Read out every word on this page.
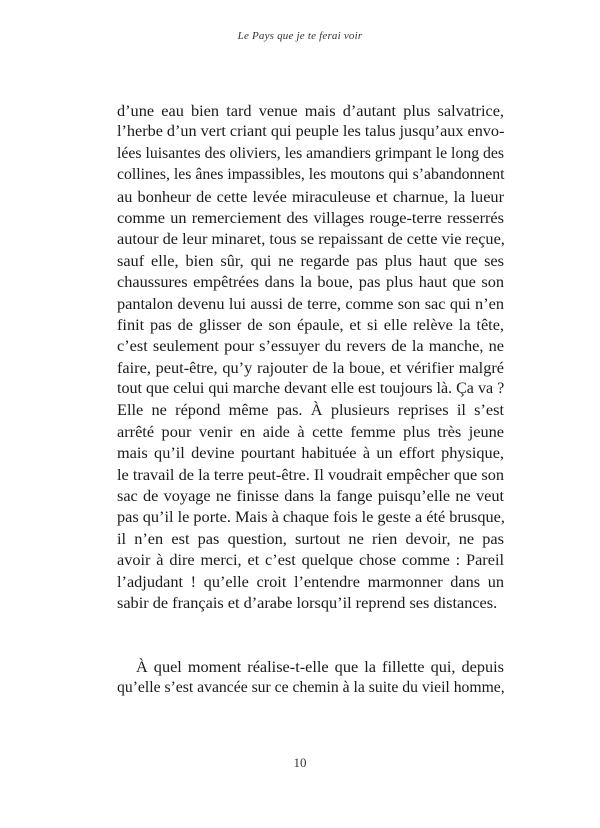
Le Pays que je te ferai voir
d’une eau bien tard venue mais d’autant plus salvatrice,
l’herbe d’un vert criant qui peuple les talus jusqu’aux envo-
lées luisantes des oliviers, les amandiers grimpant le long des
collines, les ânes impassibles, les moutons qui s’abandonnent
au bonheur de cette levée miraculeuse et charnue, la lueur
comme un remerciement des villages rouge-terre resserrés
autour de leur minaret, tous se repaissant de cette vie reçue,
sauf elle, bien sûr, qui ne regarde pas plus haut que ses
chaussures empêtrées dans la boue, pas plus haut que son
pantalon devenu lui aussi de terre, comme son sac qui n’en
finit pas de glisser de son épaule, et si elle relève la tête,
c’est seulement pour s’essuyer du revers de la manche, ne
faire, peut-être, qu’y rajouter de la boue, et vérifier malgré
tout que celui qui marche devant elle est toujours là. Ça va ?
Elle ne répond même pas. À plusieurs reprises il s’est
arrêté pour venir en aide à cette femme plus très jeune
mais qu’il devine pourtant habituée à un effort physique,
le travail de la terre peut-être. Il voudrait empêcher que son
sac de voyage ne finisse dans la fange puisqu’elle ne veut
pas qu’il le porte. Mais à chaque fois le geste a été brusque,
il n’en est pas question, surtout ne rien devoir, ne pas
avoir à dire merci, et c’est quelque chose comme : Pareil
l’adjudant ! qu’elle croit l’entendre marmonner dans un
sabir de français et d’arabe lorsqu’il reprend ses distances.
À quel moment réalise-t-elle que la fillette qui, depuis
qu’elle s’est avancée sur ce chemin à la suite du vieil homme,
10
